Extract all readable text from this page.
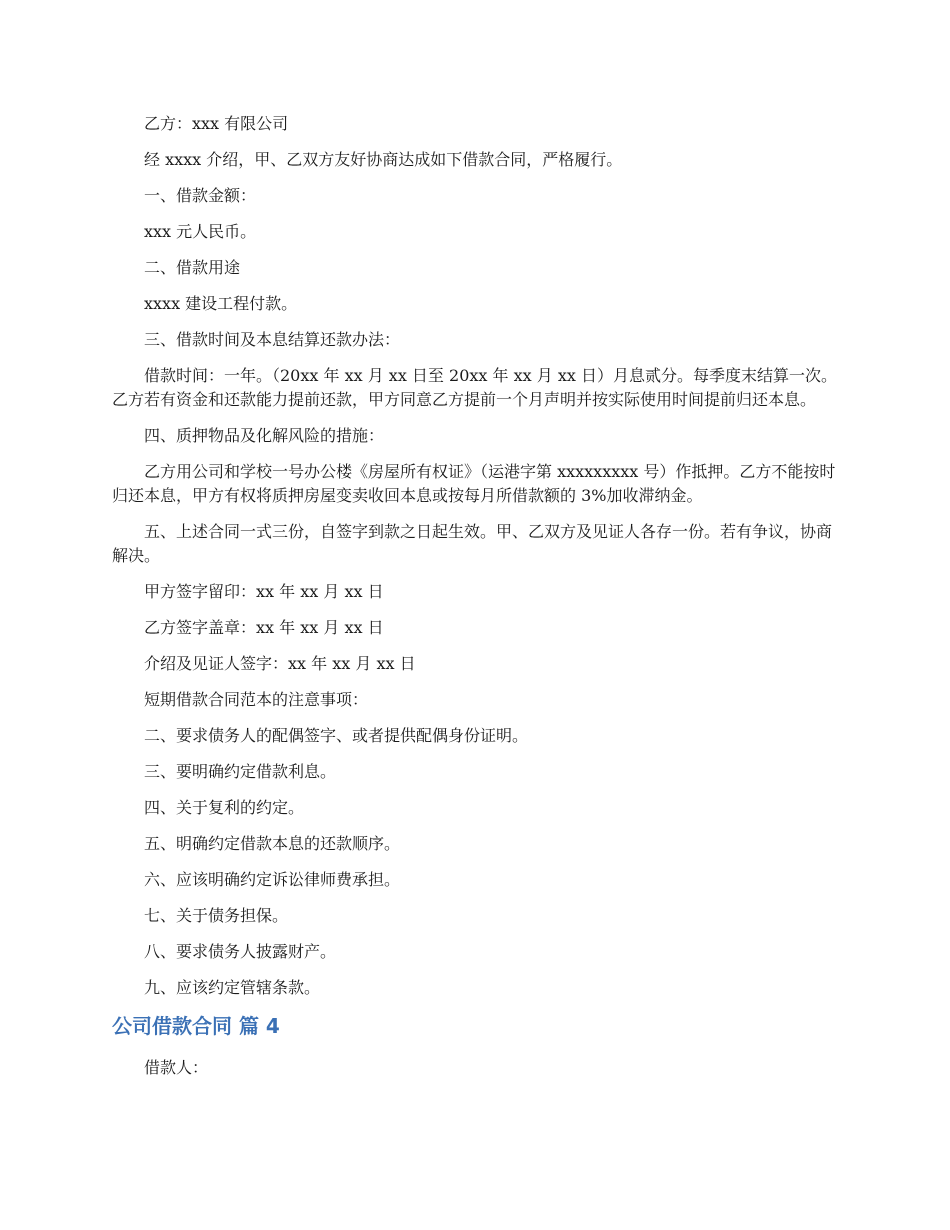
乙方：xxx 有限公司

经 xxxx 介绍，甲、乙双方友好协商达成如下借款合同，严格履行。

一、借款金额：

xxx 元人民币。

二、借款用途

xxxx 建设工程付款。

三、借款时间及本息结算还款办法：

借款时间：一年。（20xx 年 xx 月 xx 日至 20xx 年 xx 月 xx 日）月息贰分。每季度末结算一次。乙方若有资金和还款能力提前还款，甲方同意乙方提前一个月声明并按实际使用时间提前归还本息。

四、质押物品及化解风险的措施：

乙方用公司和学校一号办公楼《房屋所有权证》（运港字第 xxxxxxxxx 号）作抵押。乙方不能按时归还本息，甲方有权将质押房屋变卖收回本息或按每月所借款额的 3%加收滞纳金。

五、上述合同一式三份，自签字到款之日起生效。甲、乙双方及见证人各存一份。若有争议，协商解决。

甲方签字留印：xx 年 xx 月 xx 日

乙方签字盖章：xx 年 xx 月 xx 日

介绍及见证人签字：xx 年 xx 月 xx 日

短期借款合同范本的注意事项：

二、要求债务人的配偶签字、或者提供配偶身份证明。

三、要明确约定借款利息。

四、关于复利的约定。

五、明确约定借款本息的还款顺序。

六、应该明确约定诉讼律师费承担。

七、关于债务担保。

八、要求债务人披露财产。

九、应该约定管辖条款。

公司借款合同 篇 4

借款人：
